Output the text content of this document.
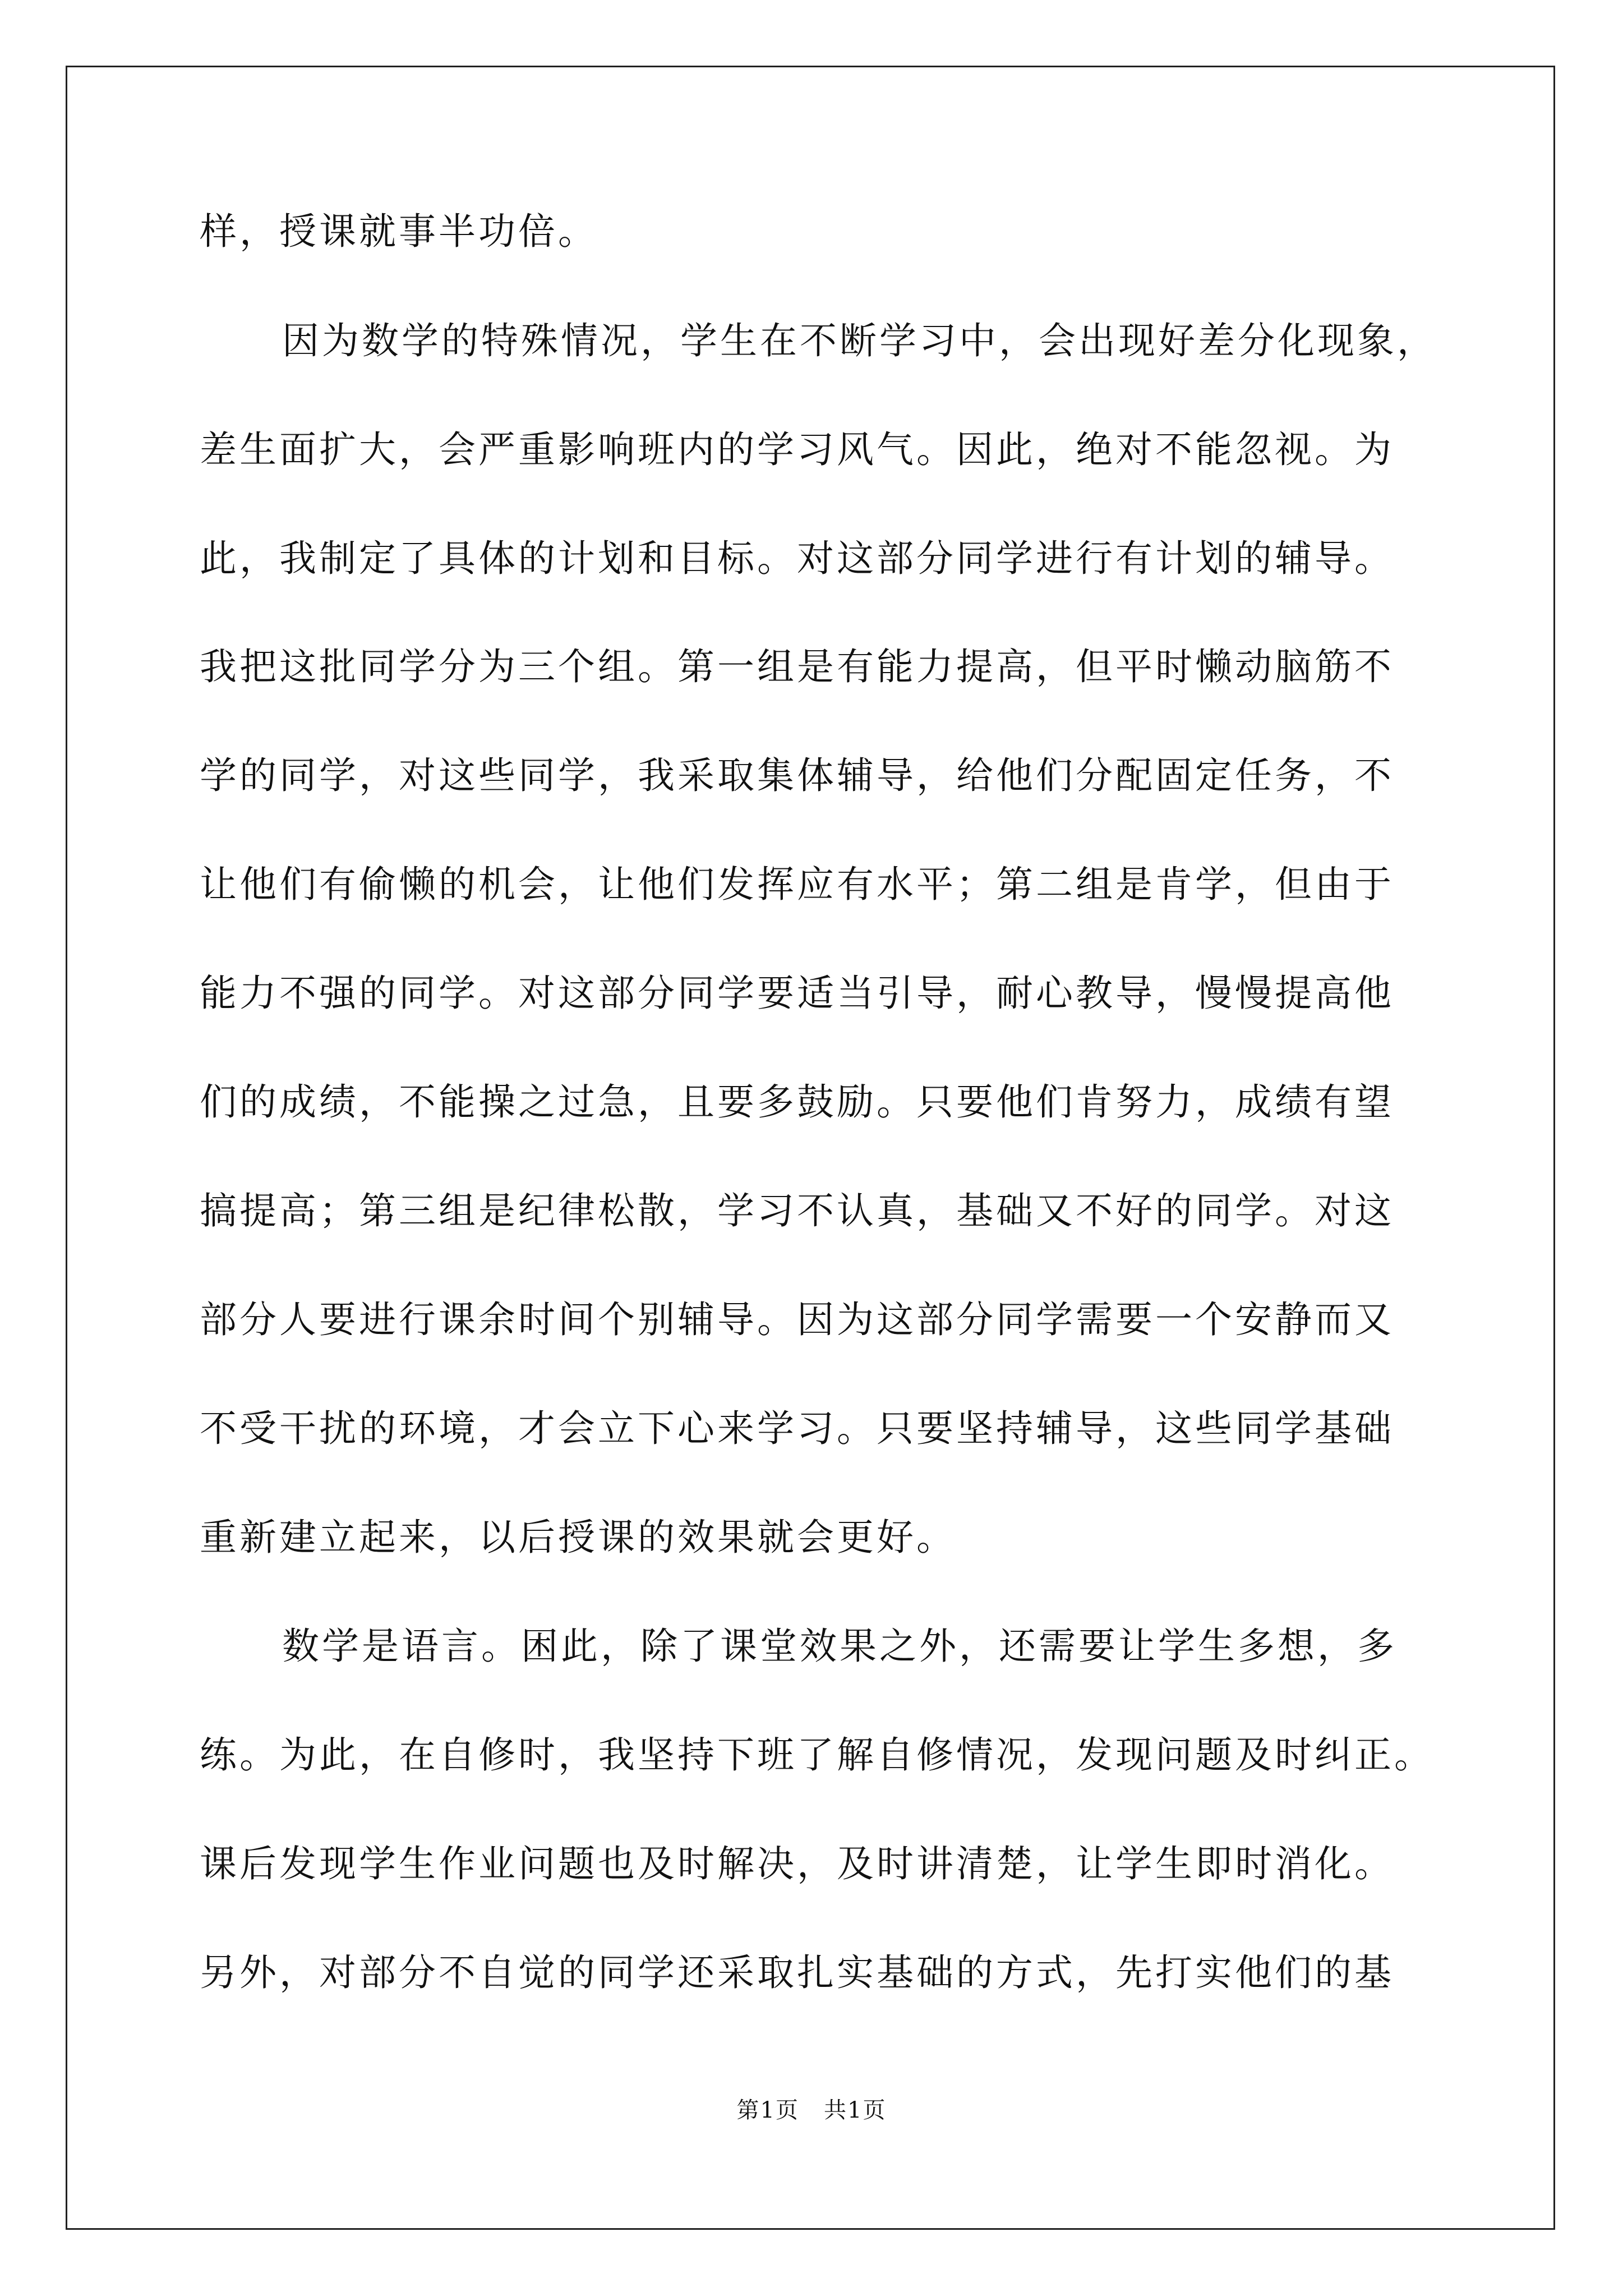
样，授课就事半功倍。
因为数学的特殊情况，学生在不断学习中，会出现好差分化现象，
差生面扩大，会严重影响班内的学习风气。因此，绝对不能忽视。为
此，我制定了具体的计划和目标。对这部分同学进行有计划的辅导。
我把这批同学分为三个组。第一组是有能力提高，但平时懒动脑筋不
学的同学，对这些同学，我采取集体辅导，给他们分配固定任务，不
让他们有偷懒的机会，让他们发挥应有水平；第二组是肯学，但由于
能力不强的同学。对这部分同学要适当引导，耐心教导，慢慢提高他
们的成绩，不能操之过急，且要多鼓励。只要他们肯努力，成绩有望
搞提高；第三组是纪律松散，学习不认真，基础又不好的同学。对这
部分人要进行课余时间个别辅导。因为这部分同学需要一个安静而又
不受干扰的环境，才会立下心来学习。只要坚持辅导，这些同学基础
重新建立起来，以后授课的效果就会更好。
数学是语言。困此，除了课堂效果之外，还需要让学生多想，多
练。为此，在自修时，我坚持下班了解自修情况，发现问题及时纠正。
课后发现学生作业问题也及时解决，及时讲清楚，让学生即时消化。
另外，对部分不自觉的同学还采取扎实基础的方式，先打实他们的基
第1页 共1页
